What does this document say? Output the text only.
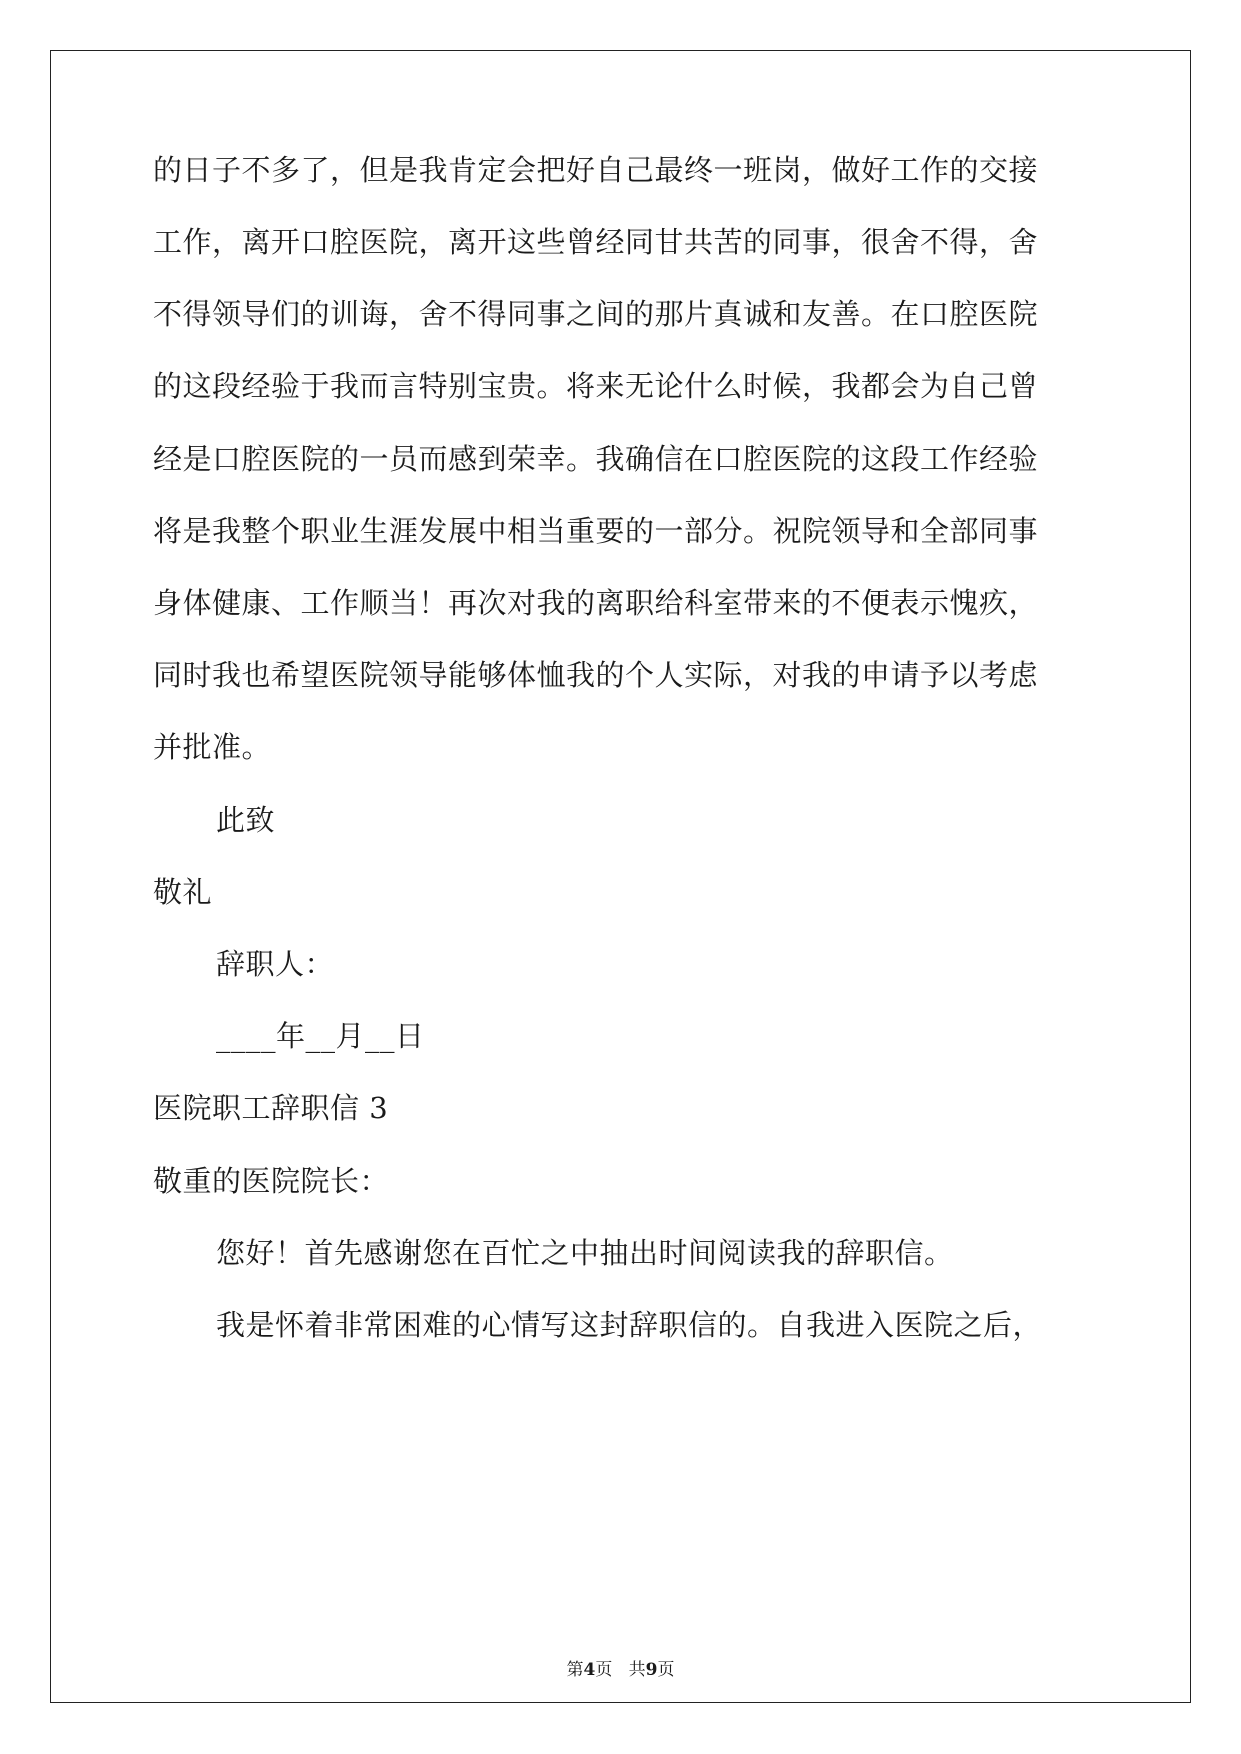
的日子不多了，但是我肯定会把好自己最终一班岗，做好工作的交接
工作，离开口腔医院，离开这些曾经同甘共苦的同事，很舍不得，舍
不得领导们的训诲，舍不得同事之间的那片真诚和友善。在口腔医院
的这段经验于我而言特别宝贵。将来无论什么时候，我都会为自己曾
经是口腔医院的一员而感到荣幸。我确信在口腔医院的这段工作经验
将是我整个职业生涯发展中相当重要的一部分。祝院领导和全部同事
身体健康、工作顺当！再次对我的离职给科室带来的不便表示愧疚，
同时我也希望医院领导能够体恤我的个人实际，对我的申请予以考虑
并批准。
此致
敬礼
辞职人：
____年__月__日
医院职工辞职信 3
敬重的医院院长：
您好！首先感谢您在百忙之中抽出时间阅读我的辞职信。
我是怀着非常困难的心情写这封辞职信的。自我进入医院之后，
第4页   共9页
